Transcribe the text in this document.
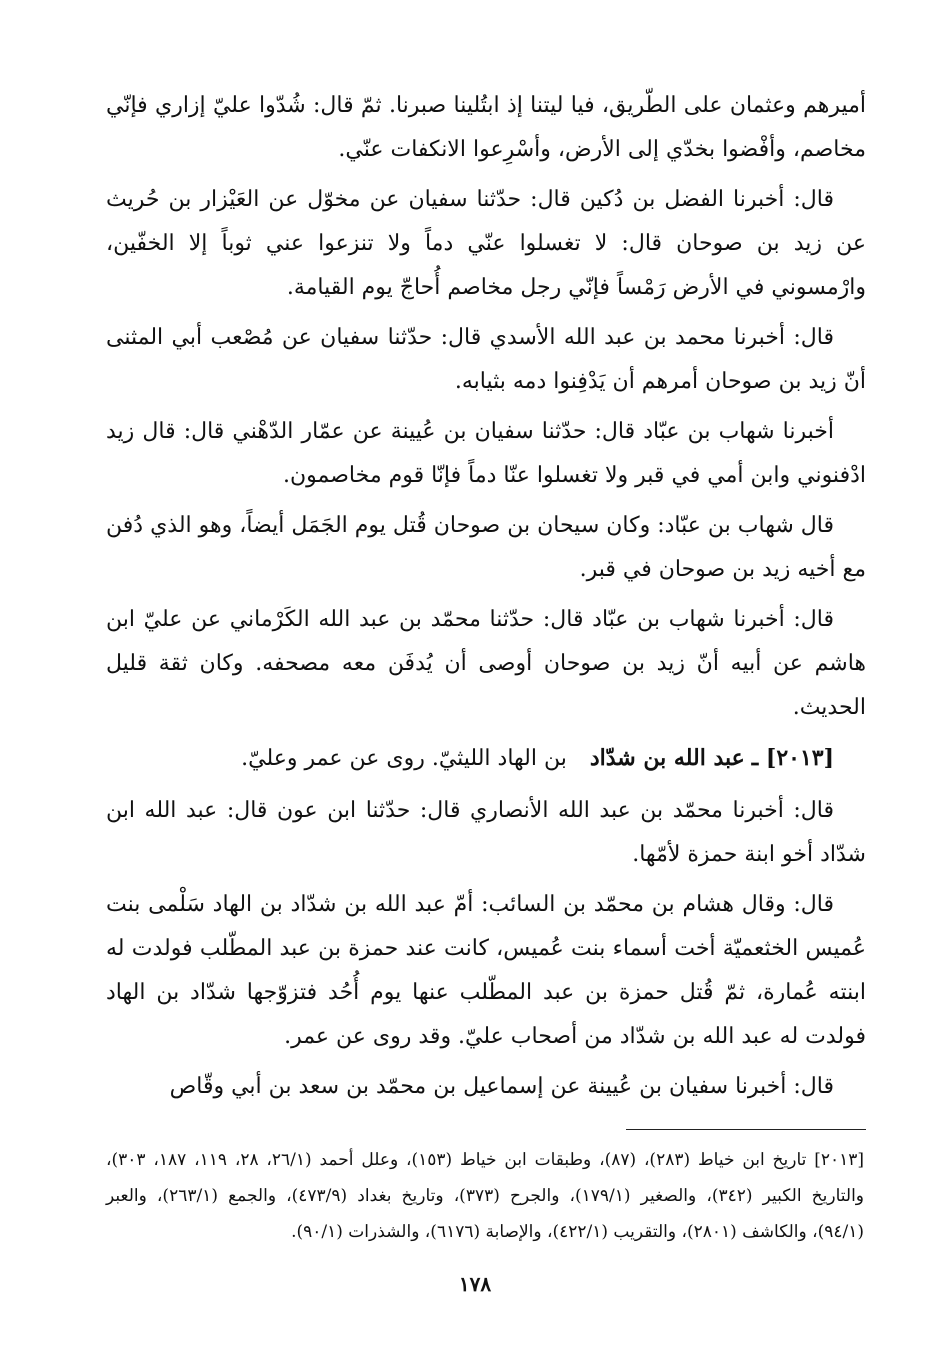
أميرهم وعثمان على الطّريق، فيا ليتنا إذ ابتُلينا صبرنا. ثمّ قال: شُدّوا عليّ إزاري فإنّي مخاصم، وأفْضوا بخدّي إلى الأرض، وأسْرِعوا الانكفات عنّي.

قال: أخبرنا الفضل بن دُكين قال: حدّثنا سفيان عن مخوّل عن العَيْزار بن حُريث عن زيد بن صوحان قال: لا تغسلوا عنّي دماً ولا تنزعوا عني ثوباً إلا الخفّين، وارْمسوني في الأرض رَمْساً فإنّي رجل مخاصم أُحاجّ يوم القيامة.

قال: أخبرنا محمد بن عبد الله الأسدي قال: حدّثنا سفيان عن مُصْعب أبي المثنى أنّ زيد بن صوحان أمرهم أن يَدْفِنوا دمه بثيابه.

أخبرنا شهاب بن عبّاد قال: حدّثنا سفيان بن عُيينة عن عمّار الدّهْني قال: قال زيد ادْفنوني وابن أمي في قبر ولا تغسلوا عنّا دماً فإنّا قوم مخاصمون.

قال شهاب بن عبّاد: وكان سيحان بن صوحان قُتل يوم الجَمَل أيضاً، وهو الذي دُفن مع أخيه زيد بن صوحان في قبر.

قال: أخبرنا شهاب بن عبّاد قال: حدّثنا محمّد بن عبد الله الكَرْماني عن عليّ ابن هاشم عن أبيه أنّ زيد بن صوحان أوصى أن يُدفَن معه مصحفه. وكان ثقة قليل الحديث.

[٢٠١٣] ـ عبد الله بن شدّاد بن الهاد الليثيّ. روى عن عمر وعليّ.

قال: أخبرنا محمّد بن عبد الله الأنصاري قال: حدّثنا ابن عون قال: عبد الله ابن شدّاد أخو ابنة حمزة لأمّها.

قال: وقال هشام بن محمّد بن السائب: أمّ عبد الله بن شدّاد بن الهاد سَلْمى بنت عُميس الخثعميّة أخت أسماء بنت عُميس، كانت عند حمزة بن عبد المطّلب فولدت له ابنته عُمارة، ثمّ قُتل حمزة بن عبد المطّلب عنها يوم أُحُد فتزوّجها شدّاد بن الهاد فولدت له عبد الله بن شدّاد من أصحاب عليّ. وقد روى عن عمر.

قال: أخبرنا سفيان بن عُيينة عن إسماعيل بن محمّد بن سعد بن أبي وقّاص

[٢٠١٣] تاريخ ابن خياط (٢٨٣)، (٨٧)، وطبقات ابن خياط (١٥٣)، وعلل أحمد (٢٦/١، ٢٨، ١١٩، ١٨٧، ٣٠٣)، والتاريخ الكبير (٣٤٢)، والصغير (١٧٩/١)، والجرح (٣٧٣)، وتاريخ بغداد (٤٧٣/٩)، والجمع (٢٦٣/١)، والعبر (٩٤/١)، والكاشف (٢٨٠١)، والتقريب (٤٢٢/١)، والإصابة (٦١٧٦)، والشذرات (٩٠/١).

١٧٨
